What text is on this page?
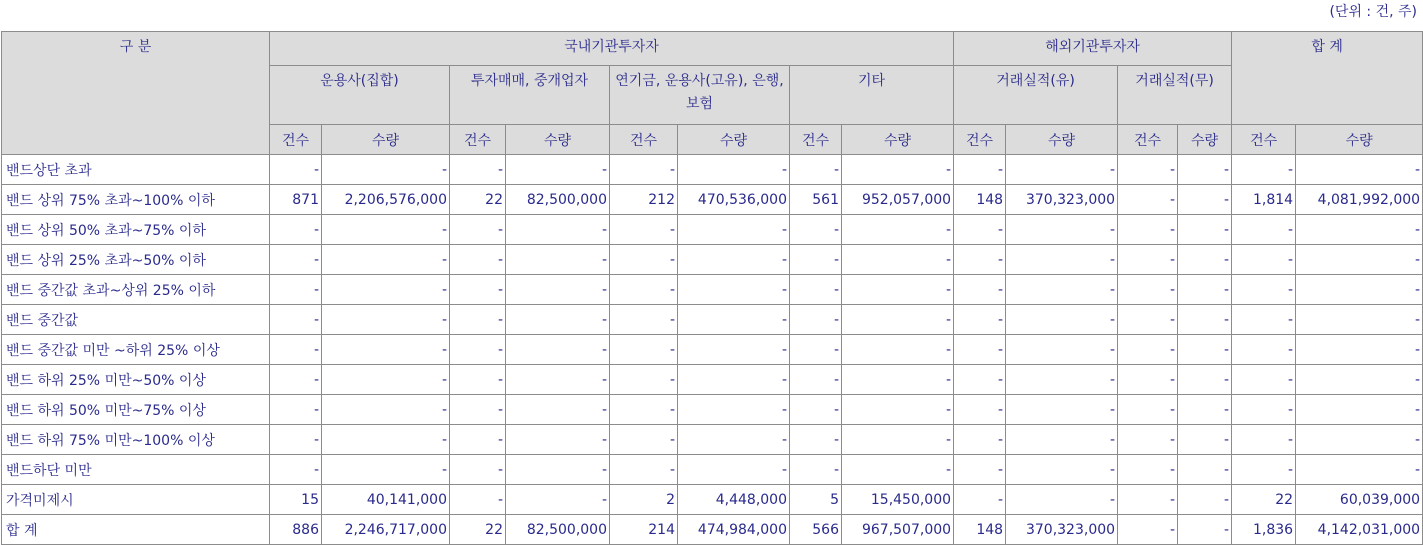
(단위 : 건, 주)
구 분	국내기관투자자								해외기관투자자				합 계	
	운용사(집합)		투자매매, 중개업자		연기금, 운용사(고유), 은행, 보험		기타		거래실적(유)		거래실적(무)			
	건수	수량	건수	수량	건수	수량	건수	수량	건수	수량	건수	수량	건수	수량
밴드상단 초과	-	-	-	-	-	-	-	-	-	-	-	-	-	-
밴드 상위 75% 초과~100% 이하	871	2,206,576,000	22	82,500,000	212	470,536,000	561	952,057,000	148	370,323,000	-	-	1,814	4,081,992,000
밴드 상위 50% 초과~75% 이하	-	-	-	-	-	-	-	-	-	-	-	-	-	-
밴드 상위 25% 초과~50% 이하	-	-	-	-	-	-	-	-	-	-	-	-	-	-
밴드 중간값 초과~상위 25% 이하	-	-	-	-	-	-	-	-	-	-	-	-	-	-
밴드 중간값	-	-	-	-	-	-	-	-	-	-	-	-	-	-
밴드 중간값 미만 ~하위 25% 이상	-	-	-	-	-	-	-	-	-	-	-	-	-	-
밴드 하위 25% 미만~50% 이상	-	-	-	-	-	-	-	-	-	-	-	-	-	-
밴드 하위 50% 미만~75% 이상	-	-	-	-	-	-	-	-	-	-	-	-	-	-
밴드 하위 75% 미만~100% 이상	-	-	-	-	-	-	-	-	-	-	-	-	-	-
밴드하단 미만	-	-	-	-	-	-	-	-	-	-	-	-	-	-
가격미제시	15	40,141,000	-	-	2	4,448,000	5	15,450,000	-	-	-	-	22	60,039,000
합 계	886	2,246,717,000	22	82,500,000	214	474,984,000	566	967,507,000	148	370,323,000	-	-	1,836	4,142,031,000
